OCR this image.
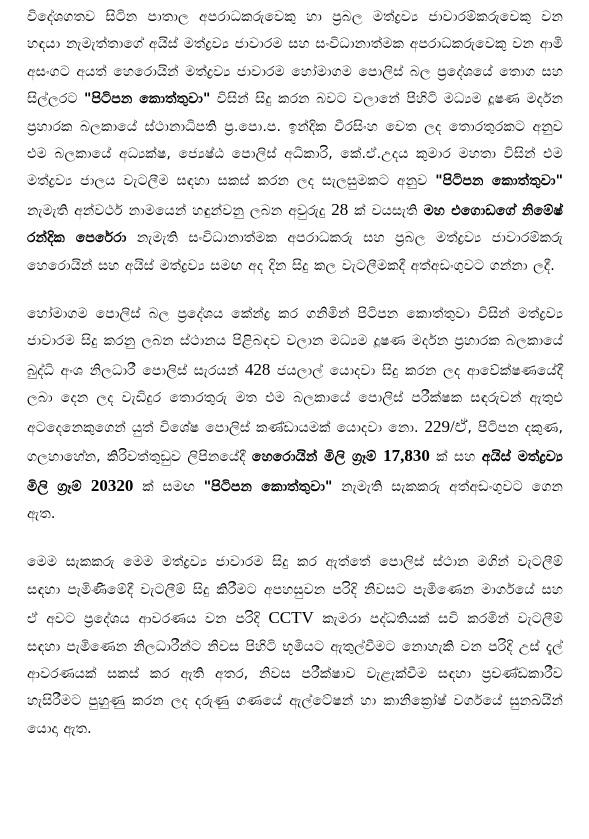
විදේශගතව සිටින පාතාල අපරාධකරුවෙකු හා ප්‍රබල මත්ද්‍රව්‍ය ජාවාරම්කරුවෙකු වන හඳයා නැමැත්තාගේ අයිස් මත්ද්‍රව්‍ය ජාවාරම සහ සංවිධානාත්මක අපරාධකරුවෙකු වන ආමි අසංගට අයත් හෙරොයින් මත්ද්‍රව්‍ය ජාවාරම හෝමාගම පොලිස් බල ප්‍රදේශයේ තොග සහ සිල්ලරට "පිටිපන කොත්තුවා" විසින් සිදු කරන බවට වලානේ පිහිටි මධ්‍යම දූෂණ මර්දන ප්‍රහාරක බලකායේ ස්ථානාධිපති ප්‍ර.පො.ප. ඉන්දික වීරසිංහ වෙත ලද තොරතුරකට අනුව එම බලකායේ අධ්‍යක්ෂ, ජ්‍යෙෂ්ඨ පොලිස් අධිකාරි, කේ.ඒ.උදය කුමාර මහතා විසින් එම මත්ද්‍රව්‍ය ජාලය වැටලීම සඳහා සකස් කරන ලද සැලසුමකට අනුව "පිටිපන කොත්තුවා" නැමැති අන්වර්ථ නාමයෙන් හඳුන්වනු ලබන අවුරුදු 28 ක් වයසැති මහ එගොඩගේ නිමේෂ් රන්දික පෙරේරා නැමැති සංවිධානාත්මක අපරාධකරු සහ ප්‍රබල මත්ද්‍රව්‍ය ජාවාරම්කරු හෙරොයින් සහ අයිස් මත්ද්‍රව්‍ය සමඟ අද දින සිදු කල වැටලීමකදී අත්අඩංගුවට ගන්නා ලදී.

හෝමාගම පොලිස් බල ප්‍රදේශය කේන්ද්‍ර කර ගනිමින් පිටිපන කොත්තුවා විසින් මත්ද්‍රව්‍ය ජාවාරම සිදු කරනු ලබන ස්ථානය පිළිබඳව වලාන මධ්‍යම දූෂණ මර්දන ප්‍රහාරක බලකායේ බුද්ධි අංශ නිලධාරී පොලිස් සැරයන් 428 ජයලාල් යොදවා සිදු කරන ලද ආවේක්ෂණයේදී ලබා දෙන ලද වැඩිදුර තොරතුරු මත එම බලකායේ පොලිස් පරීක්ෂක සඳරුවන් ඇතුළු අටදෙනෙකුගෙන් යුත් විශේෂ පොලිස් කණ්ඩායමක් යොදවා නො. 229/ඒ, පිටිපන දකුණ, ගලහාහේන, කිරිවත්තුඩුව ලිපිනයේදී හෙරොයින් මිලි ග්‍රෑම් 17,830 ක් සහ අයිස් මත්ද්‍රව්‍ය මිලි ග්‍රෑම් 20320 ක් සමඟ "පිටිපන කොත්තුවා" නැමැති සැකකරු අත්අඩංගුවට ගෙන ඇත.

මෙම සැකකරු මෙම මත්ද්‍රව්‍ය ජාවාරම සිදු කර ඇත්තේ පොලිස් ස්ථාන මගින් වැටලීම් සඳහා පැමිණීමේදී වැටලීම් සිදු කිරීමට අපහසුවන පරිදි නිවසට පැමිණෙන මාර්ගයේ සහ ඒ අවට ප්‍රදේශය ආවරණය වන පරිදි CCTV කැමරා පද්ධතියක් සවි කරමින් වැටලීම් සඳහා පැමිණෙන නිලධාරීන්ට නිවස පිහිටි භූමියට ඇතුල්වීමට නොහැකි වන පරිදි උස් දැල් ආවරණයක් සකස් කර ඇති අතර, නිවස පරීක්ෂාව වැළැක්වීම සඳහා ප්‍රචණ්ඩකාරීව හැසිරීමට පුහුණු කරන ලද දරුණු ගණයේ ඇල්ටේෂන් හා කානික්‍රෝෂ් වර්ගයේ සුනඛයින් යොදා ඇත.
